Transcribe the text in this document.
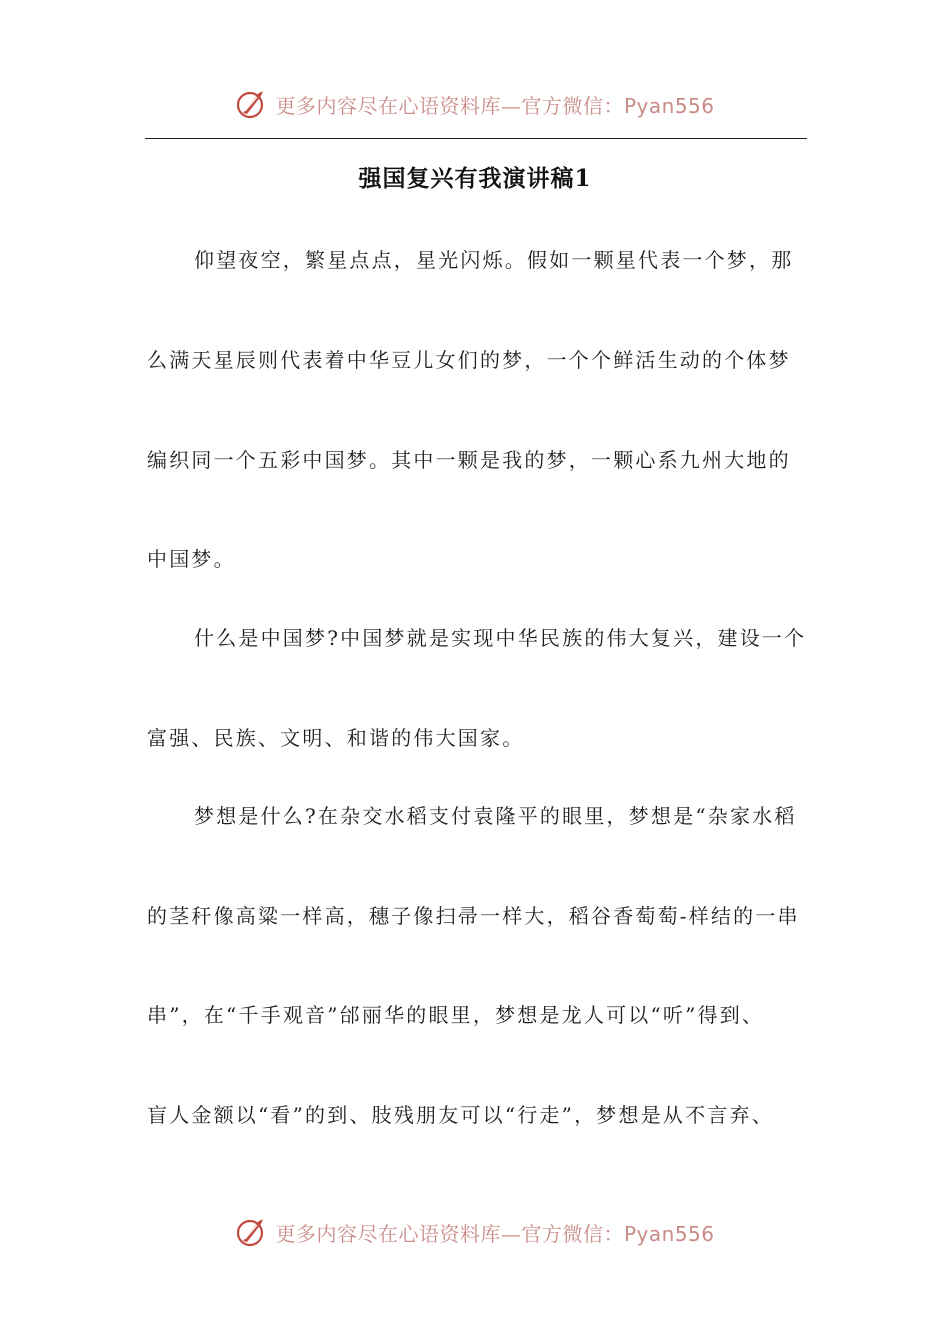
更多内容尽在心语资料库—官方微信：Pyan556
强国复兴有我演讲稿1
仰望夜空，繁星点点，星光闪烁。假如一颗星代表一个梦，那
么满天星辰则代表着中华豆儿女们的梦，一个个鲜活生动的个体梦
编织同一个五彩中国梦。其中一颗是我的梦，一颗心系九州大地的
中国梦。
什么是中国梦?中国梦就是实现中华民族的伟大复兴，建设一个
富强、民族、文明、和谐的伟大国家。
梦想是什么?在杂交水稻支付袁隆平的眼里，梦想是“杂家水稻
的茎秆像高粱一样高，穗子像扫帚一样大，稻谷香萄萄-样结的一串
串”，在“千手观音”邰丽华的眼里，梦想是龙人可以“听”得到、
盲人金额以“看”的到、肢残朋友可以“行走”，梦想是从不言弃、
更多内容尽在心语资料库—官方微信：Pyan556
